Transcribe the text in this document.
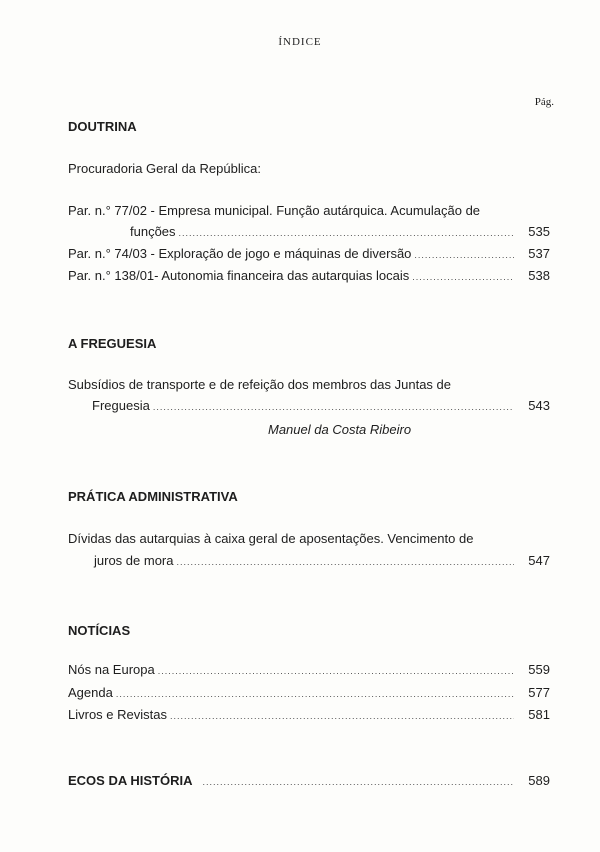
ÍNDICE
Pág.
DOUTRINA
Procuradoria Geral da República:
Par. n.° 77/02 - Empresa municipal. Função autárquica. Acumulação de
funções .....	535
Par. n.° 74/03 - Exploração de jogo e máquinas de diversão .....	537
Par. n.° 138/01- Autonomia financeira das autarquias locais .....	538
A FREGUESIA
Subsídios de transporte e de refeição dos membros das Juntas de
Freguesia .....	543
Manuel da Costa Ribeiro
PRÁTICA ADMINISTRATIVA
Dívidas das autarquias à caixa geral de aposentações. Vencimento de
juros de mora .....	547
NOTÍCIAS
Nós na Europa .....	559
Agenda .....	577
Livros e Revistas .....	581
ECOS DA HISTÓRIA .....	589
